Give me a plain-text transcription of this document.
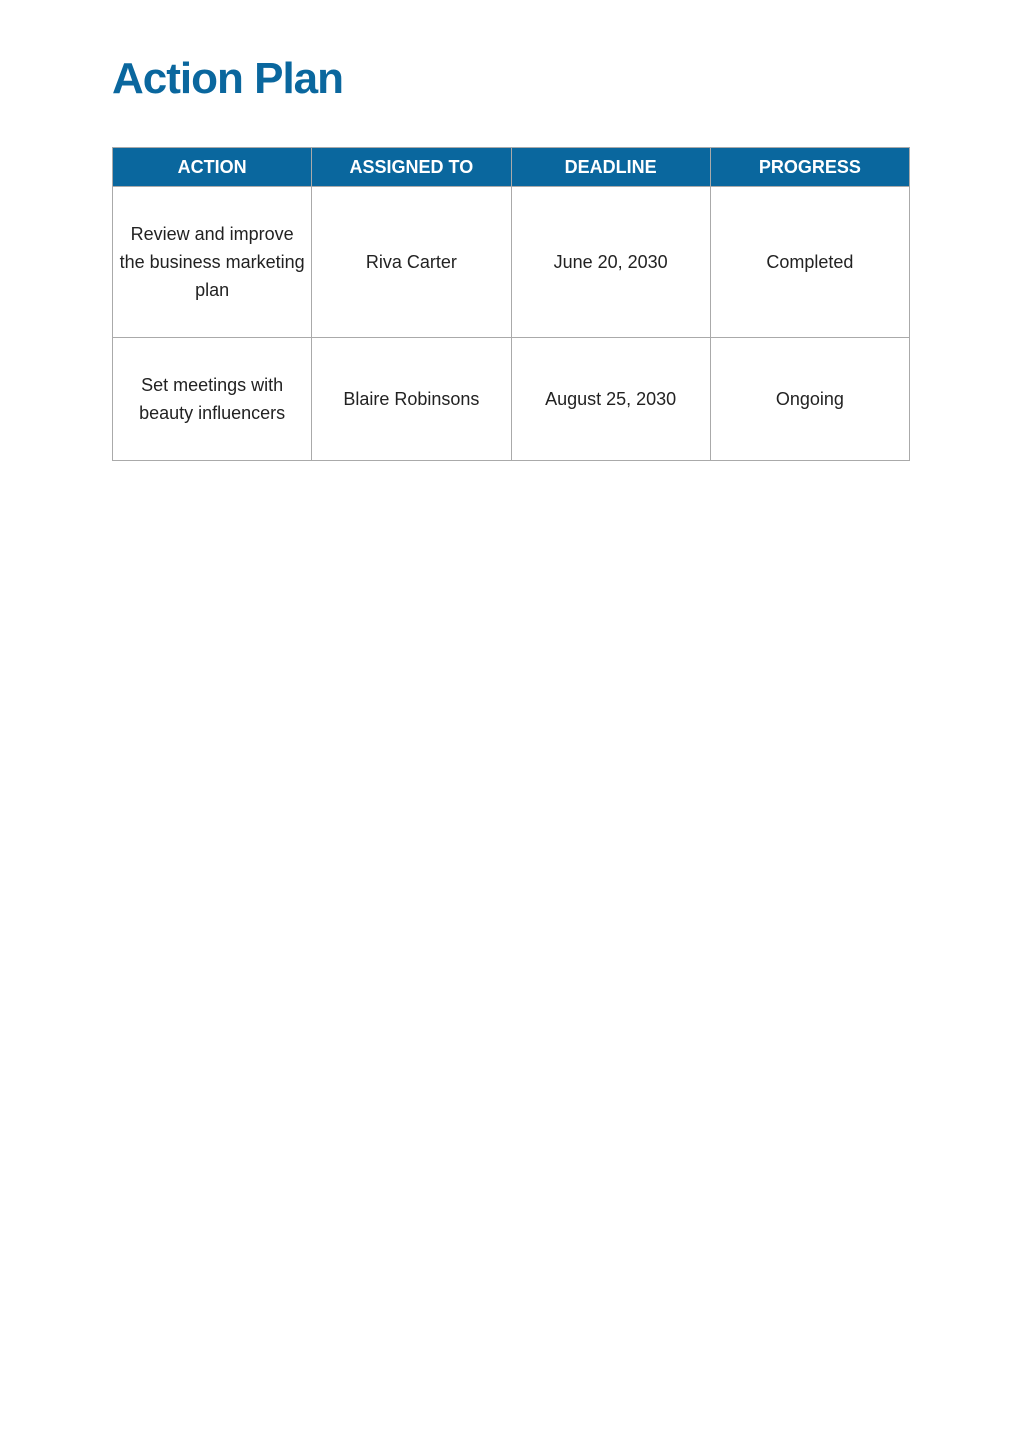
Action Plan
ACTION	ASSIGNED TO	DEADLINE	PROGRESS
Review and improve the business marketing plan	Riva Carter	June 20, 2030	Completed
Set meetings with beauty influencers	Blaire Robinsons	August 25, 2030	Ongoing
